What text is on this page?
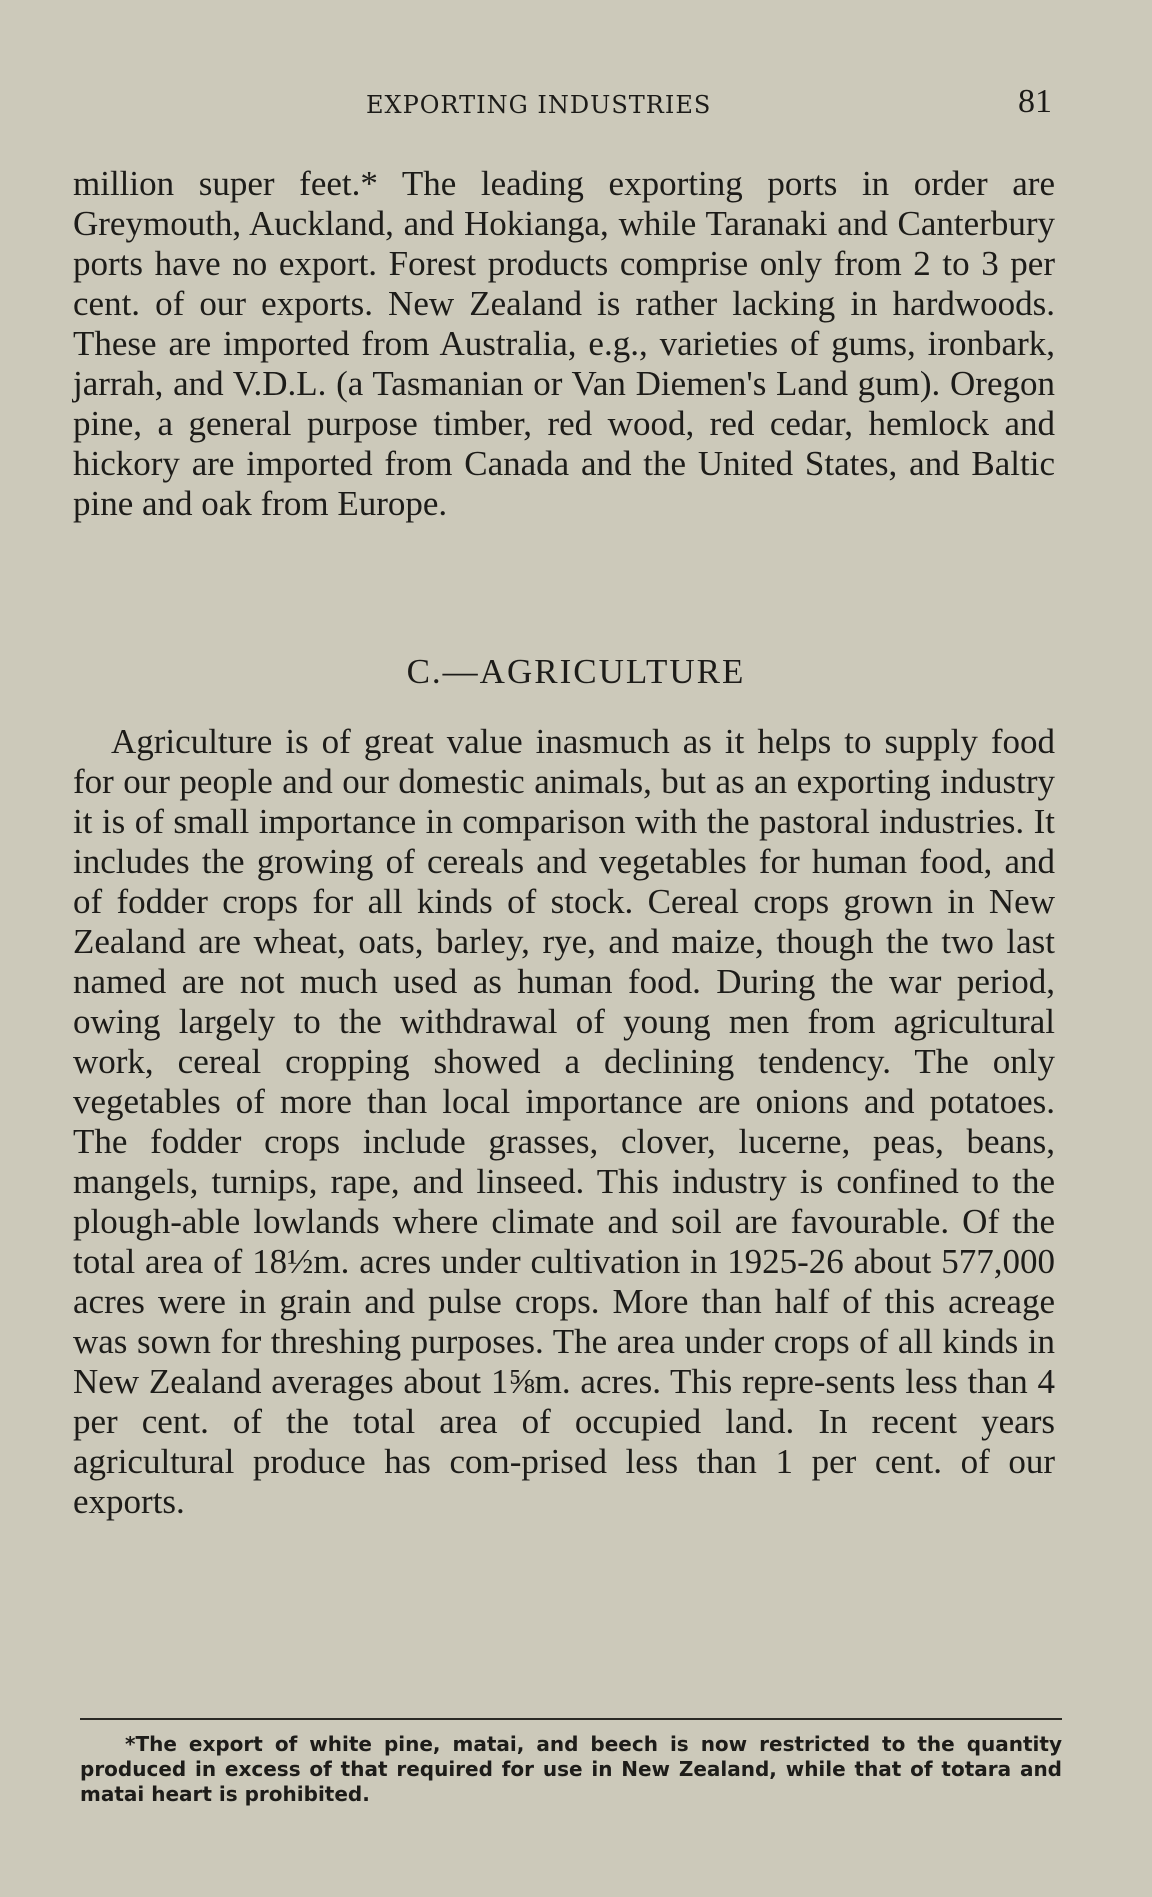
EXPORTING INDUSTRIES	81

million super feet.* The leading exporting ports in order are Greymouth, Auckland, and Hokianga, while Taranaki and Canterbury ports have no export. Forest products comprise only from 2 to 3 per cent. of our exports. New Zealand is rather lacking in hardwoods. These are imported from Australia, e.g., varieties of gums, ironbark, jarrah, and V.D.L. (a Tasmanian or Van Diemen's Land gum). Oregon pine, a general purpose timber, red wood, red cedar, hemlock and hickory are imported from Canada and the United States, and Baltic pine and oak from Europe.

C.—AGRICULTURE

Agriculture is of great value inasmuch as it helps to supply food for our people and our domestic animals, but as an exporting industry it is of small importance in comparison with the pastoral industries. It includes the growing of cereals and vegetables for human food, and of fodder crops for all kinds of stock. Cereal crops grown in New Zealand are wheat, oats, barley, rye, and maize, though the two last named are not much used as human food. During the war period, owing largely to the withdrawal of young men from agricultural work, cereal cropping showed a declining tendency. The only vegetables of more than local importance are onions and potatoes. The fodder crops include grasses, clover, lucerne, peas, beans, mangels, turnips, rape, and linseed. This industry is confined to the plough-able lowlands where climate and soil are favourable. Of the total area of 18½m. acres under cultivation in 1925-26 about 577,000 acres were in grain and pulse crops. More than half of this acreage was sown for threshing purposes. The area under crops of all kinds in New Zealand averages about 1⅝m. acres. This repre-sents less than 4 per cent. of the total area of occupied land. In recent years agricultural produce has com-prised less than 1 per cent. of our exports.

*The export of white pine, matai, and beech is now restricted to the quantity produced in excess of that required for use in New Zealand, while that of totara and matai heart is prohibited.
